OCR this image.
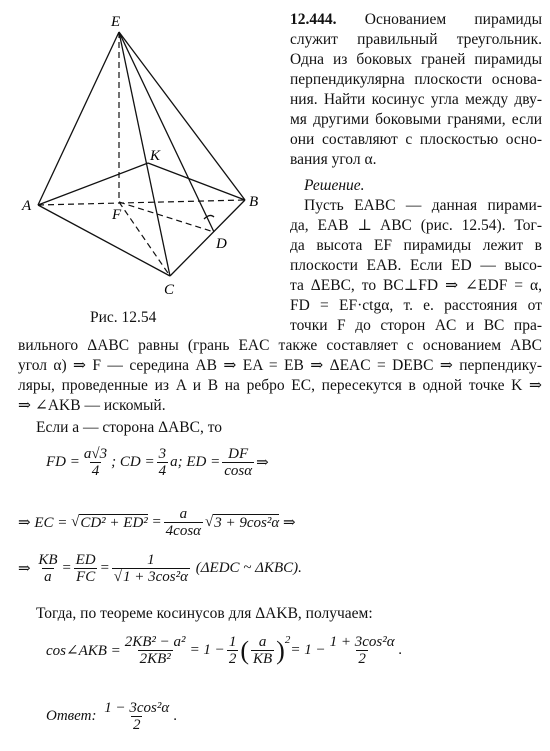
E
K
A
F
B
D
C
Рис. 12.54
12.444. Основанием пирамиды
служит правильный треугольник.
Одна из боковых граней пирамиды
перпендикулярна плоскости основа-
ния. Найти косинус угла между дву-
мя другими боковыми гранями, если
они составляют с плоскостью осно-
вания угол α.
Решение.
Пусть EABC — данная пирами-
да, EAB ⊥ ABC (рис. 12.54). Тог-
да высота EF пирамиды лежит в
плоскости EAB. Если ED — высо-
та ΔEBC, то BC⊥FD ⇒ ∠EDF = α,
FD = EF·ctgα, т. е. расстояния от
точки F до сторон AC и BC пра-
вильного ΔABC равны (грань EAC также составляет с основанием ABC
угол α) ⇒ F — середина AB ⇒ EA = EB ⇒ ΔEAC = DEBC ⇒ перпендику-
ляры, проведенные из A и B на ребро EC, пересекутся в одной точке K ⇒
⇒ ∠AKB — искомый.
Если a — сторона ΔABC, то
FD = $\frac{a√3}{4}$ ; CD = $\frac{3}{4}$ a ; ED = $\frac{DF}{\cos\alpha}$ ⇒
⇒ EC = √ CD² + ED²
= $\frac{a}{4\cos\alpha}$ √ 3 + 9cos²α
⇒
⇒
$\frac{KB}{a} = \frac{ED}{FC} = \frac{1}{\text{√1 + 3cos²α}}$
(ΔEDC ~ ΔKBC).
Тогда, по теореме косинусов для ΔAKB, получаем:
cos∠AKB = $\frac{\text{2KB² − a²}}{\text{2KB²}} = 1 - \frac{1}{2}$ ( $\frac{a}{KB} )^2$
= $1 - \frac{\text{1 + 3cos²α}}{2}$ .
Ответ:
$\frac{\text{1 − 3cos²α}}{2}$ .
